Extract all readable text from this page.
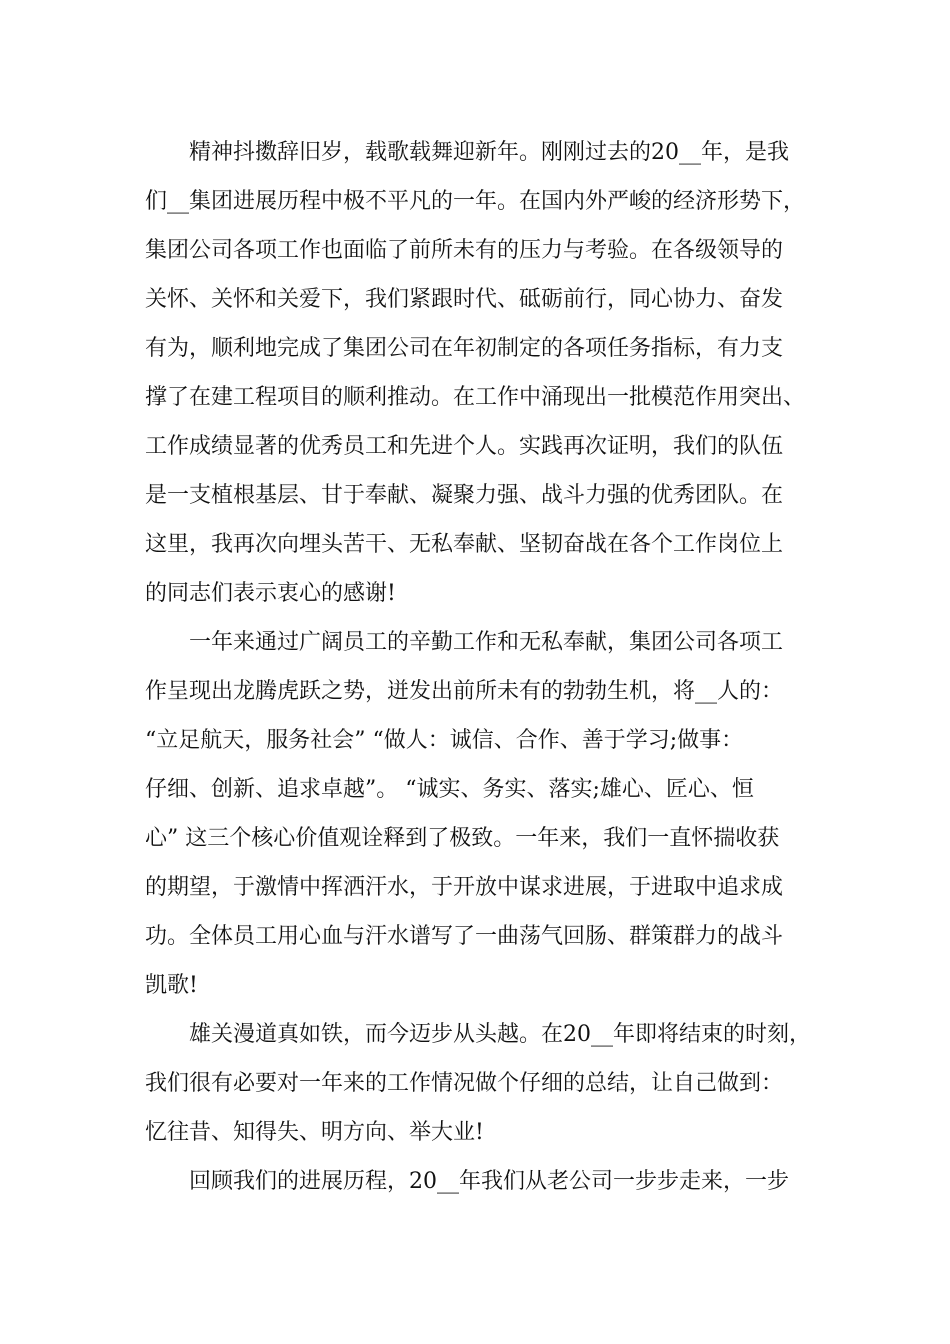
精神抖擞辞旧岁，载歌载舞迎新年。刚刚过去的20__年，是我
们__集团进展历程中极不平凡的一年。在国内外严峻的经济形势下，
集团公司各项工作也面临了前所未有的压力与考验。在各级领导的
关怀、关怀和关爱下，我们紧跟时代、砥砺前行，同心协力、奋发
有为，顺利地完成了集团公司在年初制定的各项任务指标，有力支
撑了在建工程项目的顺利推动。在工作中涌现出一批模范作用突出、
工作成绩显著的优秀员工和先进个人。实践再次证明，我们的队伍
是一支植根基层、甘于奉献、凝聚力强、战斗力强的优秀团队。在
这里，我再次向埋头苦干、无私奉献、坚韧奋战在各个工作岗位上
的同志们表示衷心的感谢!
一年来通过广阔员工的辛勤工作和无私奉献，集团公司各项工
作呈现出龙腾虎跃之势，迸发出前所未有的勃勃生机，将__人的：
“立足航天，服务社会” “做人：诚信、合作、善于学习;做事：
仔细、创新、追求卓越”。 “诚实、务实、落实;雄心、匠心、恒
心” 这三个核心价值观诠释到了极致。一年来，我们一直怀揣收获
的期望，于激情中挥洒汗水，于开放中谋求进展，于进取中追求成
功。全体员工用心血与汗水谱写了一曲荡气回肠、群策群力的战斗
凯歌!
雄关漫道真如铁，而今迈步从头越。在20__年即将结束的时刻，
我们很有必要对一年来的工作情况做个仔细的总结，让自己做到：
忆往昔、知得失、明方向、举大业!
回顾我们的进展历程，20__年我们从老公司一步步走来，一步
